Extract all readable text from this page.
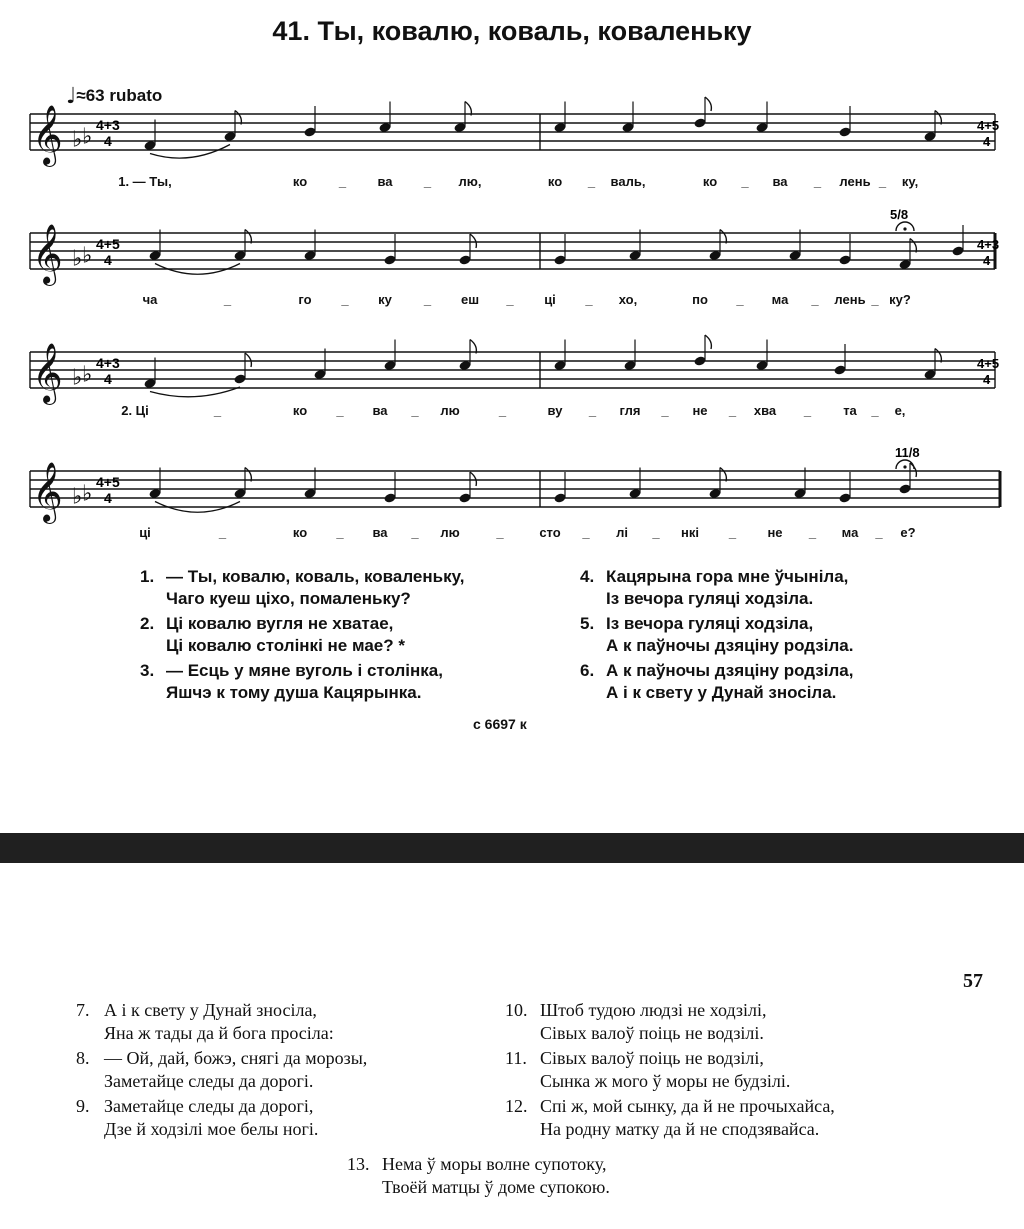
41. Ты, ковалю, коваль, коваленьку
♩≈63 rubato
𝄞 ♭ ♭ 4+3
4
4+5
4
1. — Ты,	ко _ ва _ лю,	ко _ валь,	ко _ ва _ лень _ ку,
𝄞 ♭ ♭ 4+5
4
4+3
4
5/8
ча	_	го _ ку _ еш _ ці _ хо,	по _ ма _ лень _ ку?
𝄞 ♭ ♭ 4+3
4
4+5
4
2. Ці	_	ко _ ва _ лю	_	ву _ гля _ не _ хва _ та _ е,
𝄞 ♭ ♭ 4+5
4
11/8
ці	_	ко _ ва _ лю	_	сто _ лі _ нкі _ не _ ма _ е?
1. — Ты, ковалю, коваль, коваленьку,
Чаго куеш ціхо, помаленьку?
2. Ці ковалю вугля не хватае,
Ці ковалю столінкі не мае? *
3. — Есць у мяне вуголь і столінка,
Яшчэ к тому душа Кацярынка.
4. Кацярына гора мне ўчыніла,
Із вечора гуляці ходзіла.
5. Із вечора гуляці ходзіла,
А к паўночы дзяціну родзіла.
6. А к паўночы дзяціну родзіла,
А і к свету у Дунай зносіла.
с 6697 к
57
7. А і к свету у Дунай зносіла,
Яна ж тады да й бога просіла:
8. — Ой, дай, божэ, снягі да морозы,
Заметайце следы да дорогі.
9. Заметайце следы да дорогі,
Дзе й ходзілі мое белы ногі.
10. Штоб тудою людзі не ходзілі,
Сівых валоў поіць не водзілі.
11. Сівых валоў поіць не водзілі,
Сынка ж мого ў моры не будзілі.
12. Спі ж, мой сынку, да й не прочыхайса,
На родну матку да й не сподзявайса.
13. Нема ў моры волне супотоку,
Твоёй матцы ў доме супокою.
